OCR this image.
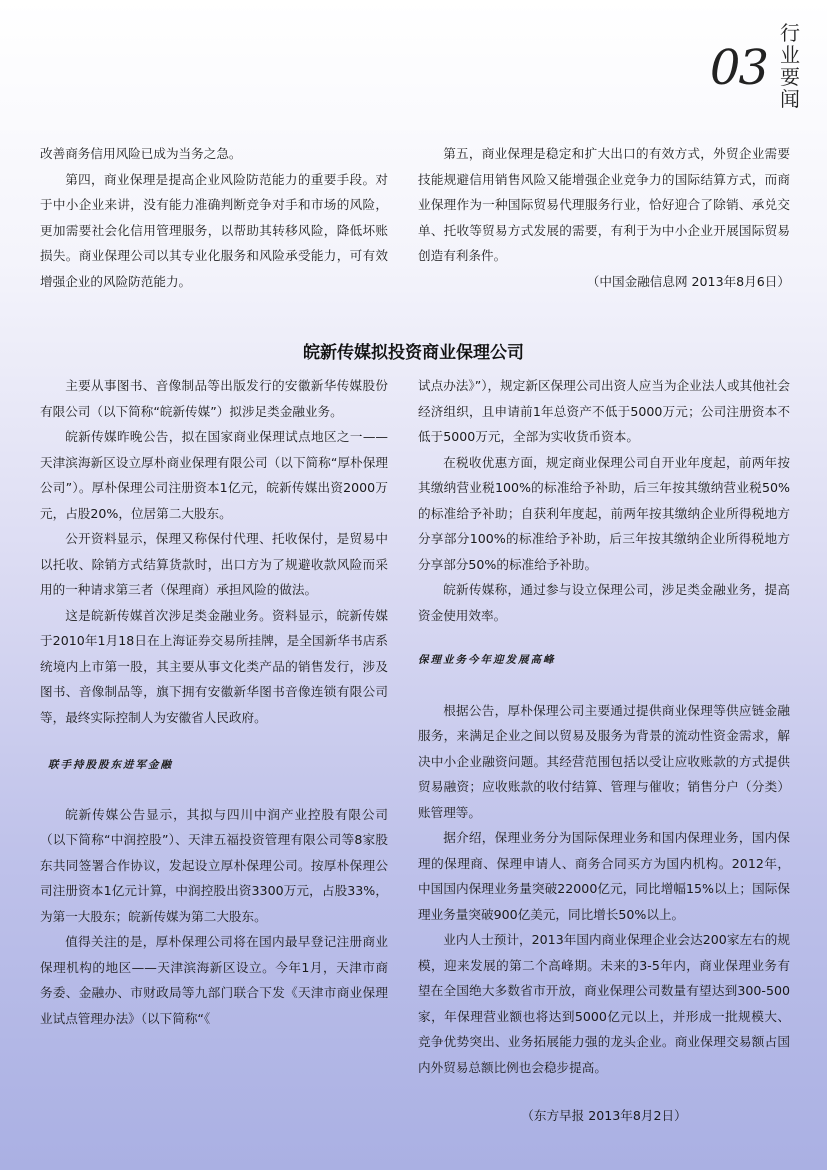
03
行业要闻

改善商务信用风险已成为当务之急。

第四，商业保理是提高企业风险防范能力的重要手段。对于中小企业来讲，没有能力准确判断竞争对手和市场的风险，更加需要社会化信用管理服务，以帮助其转移风险，降低坏账损失。商业保理公司以其专业化服务和风险承受能力，可有效增强企业的风险防范能力。

第五，商业保理是稳定和扩大出口的有效方式，外贸企业需要技能规避信用销售风险又能增强企业竞争力的国际结算方式，而商业保理作为一种国际贸易代理服务行业，恰好迎合了除销、承兑交单、托收等贸易方式发展的需要，有利于为中小企业开展国际贸易创造有利条件。

（中国金融信息网 2013年8月6日）

皖新传媒拟投资商业保理公司

主要从事图书、音像制品等出版发行的安徽新华传媒股份有限公司（以下简称“皖新传媒”）拟涉足类金融业务。

皖新传媒昨晚公告，拟在国家商业保理试点地区之一——天津滨海新区设立厚朴商业保理有限公司（以下简称“厚朴保理公司”）。厚朴保理公司注册资本1亿元，皖新传媒出资2000万元，占股20%，位居第二大股东。

公开资料显示，保理又称保付代理、托收保付，是贸易中以托收、除销方式结算货款时，出口方为了规避收款风险而采用的一种请求第三者（保理商）承担风险的做法。

这是皖新传媒首次涉足类金融业务。资料显示，皖新传媒于2010年1月18日在上海证券交易所挂牌，是全国新华书店系统境内上市第一股，其主要从事文化类产品的销售发行，涉及图书、音像制品等，旗下拥有安徽新华图书音像连锁有限公司等，最终实际控制人为安徽省人民政府。

联手持股股东进军金融

皖新传媒公告显示，其拟与四川中润产业控股有限公司（以下简称“中润控股”）、天津五福投资管理有限公司等8家股东共同签署合作协议，发起设立厚朴保理公司。按厚朴保理公司注册资本1亿元计算，中润控股出资3300万元，占股33%，为第一大股东；皖新传媒为第二大股东。

值得关注的是，厚朴保理公司将在国内最早登记注册商业保理机构的地区——天津滨海新区设立。今年1月，天津市商务委、金融办、市财政局等九部门联合下发《天津市商业保理业试点管理办法》（以下简称“《

试点办法》”），规定新区保理公司出资人应当为企业法人或其他社会经济组织，且申请前1年总资产不低于5000万元；公司注册资本不低于5000万元，全部为实收货币资本。

在税收优惠方面，规定商业保理公司自开业年度起，前两年按其缴纳营业税100%的标准给予补助，后三年按其缴纳营业税50%的标准给予补助；自获利年度起，前两年按其缴纳企业所得税地方分享部分100%的标准给予补助，后三年按其缴纳企业所得税地方分享部分50%的标准给予补助。

皖新传媒称，通过参与设立保理公司，涉足类金融业务，提高资金使用效率。

保理业务今年迎发展高峰

根据公告，厚朴保理公司主要通过提供商业保理等供应链金融服务，来满足企业之间以贸易及服务为背景的流动性资金需求，解决中小企业融资问题。其经营范围包括以受让应收账款的方式提供贸易融资；应收账款的收付结算、管理与催收；销售分户（分类）账管理等。

据介绍，保理业务分为国际保理业务和国内保理业务，国内保理的保理商、保理申请人、商务合同买方为国内机构。2012年，中国国内保理业务量突破22000亿元，同比增幅15%以上；国际保理业务量突破900亿美元，同比增长50%以上。

业内人士预计，2013年国内商业保理企业会达200家左右的规模，迎来发展的第二个高峰期。未来的3-5年内，商业保理业务有望在全国绝大多数省市开放，商业保理公司数量有望达到300-500家，年保理营业额也将达到5000亿元以上，并形成一批规模大、竞争优势突出、业务拓展能力强的龙头企业。商业保理交易额占国内外贸易总额比例也会稳步提高。

（东方早报 2013年8月2日）
